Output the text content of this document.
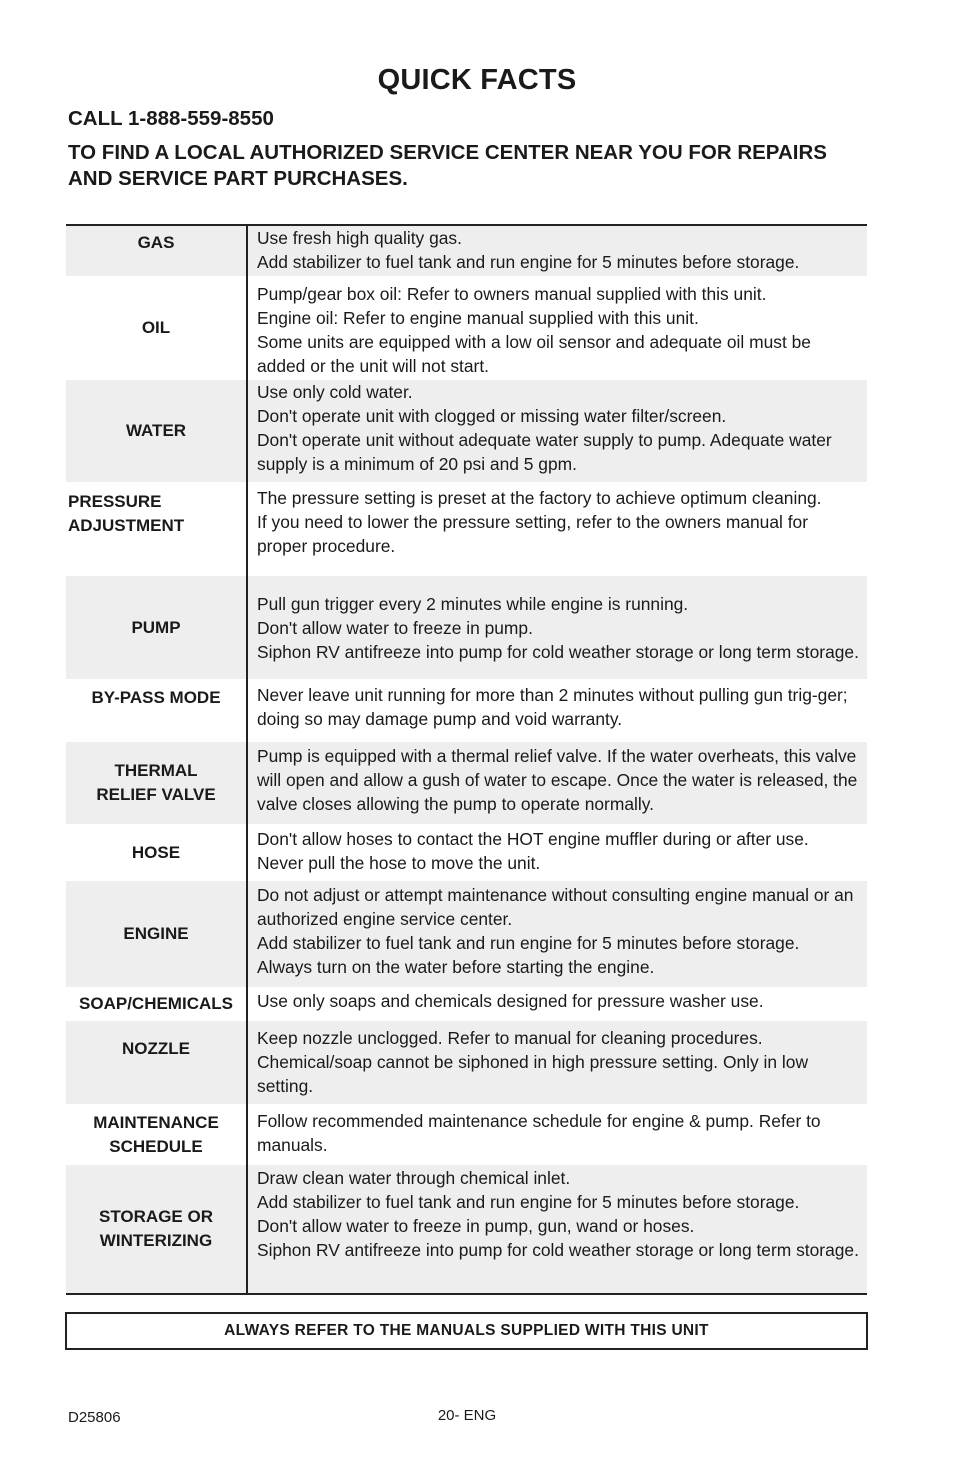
QUICK FACTS
CALL 1-888-559-8550
TO FIND A LOCAL AUTHORIZED SERVICE CENTER NEAR YOU FOR REPAIRS
AND SERVICE PART PURCHASES.
GAS	Use fresh high quality gas.
Add stabilizer to fuel tank and run engine for 5 minutes before storage.
OIL
Pump/gear box oil: Refer to owners manual supplied with this unit.
Engine oil: Refer to engine manual supplied with this unit.
Some units are equipped with a low oil sensor and adequate oil must be added or the unit will not start.
WATER
Use only cold water.
Don't operate unit with clogged or missing water filter/screen.
Don't operate unit without adequate water supply to pump. Adequate water supply is a minimum of 20 psi and 5 gpm.
PRESSURE
ADJUSTMENT
The pressure setting is preset at the factory to achieve optimum cleaning.
If you need to lower the pressure setting, refer to the owners manual for proper procedure.
PUMP
Pull gun trigger every 2 minutes while engine is running.
Don't allow water to freeze in pump.
Siphon RV antifreeze into pump for cold weather storage or long term storage.
BY-PASS MODE Never leave unit running for more than 2 minutes without pulling gun trig-ger; doing so may damage pump and void warranty.
THERMAL
RELIEF VALVE
Pump is equipped with a thermal relief valve. If the water overheats, this valve will open and allow a gush of water to escape. Once the water is released, the valve closes allowing the pump to operate normally.
HOSE
Don't allow hoses to contact the HOT engine muffler during or after use.
Never pull the hose to move the unit.
ENGINE
Do not adjust or attempt maintenance without consulting engine manual or an authorized engine service center.
Add stabilizer to fuel tank and run engine for 5 minutes before storage.
Always turn on the water before starting the engine.
SOAP/CHEMICALS Use only soaps and chemicals designed for pressure washer use.
NOZZLE
Keep nozzle unclogged. Refer to manual for cleaning procedures.
Chemical/soap cannot be siphoned in high pressure setting. Only in low setting.
MAINTENANCE
SCHEDULE
Follow recommended maintenance schedule for engine & pump. Refer to manuals.
STORAGE OR
WINTERIZING
Draw clean water through chemical inlet.
Add stabilizer to fuel tank and run engine for 5 minutes before storage.
Don't allow water to freeze in pump, gun, wand or hoses.
Siphon RV antifreeze into pump for cold weather storage or long term storage.
ALWAYS REFER TO THE MANUALS SUPPLIED WITH THIS UNIT
D25806	20- ENG
